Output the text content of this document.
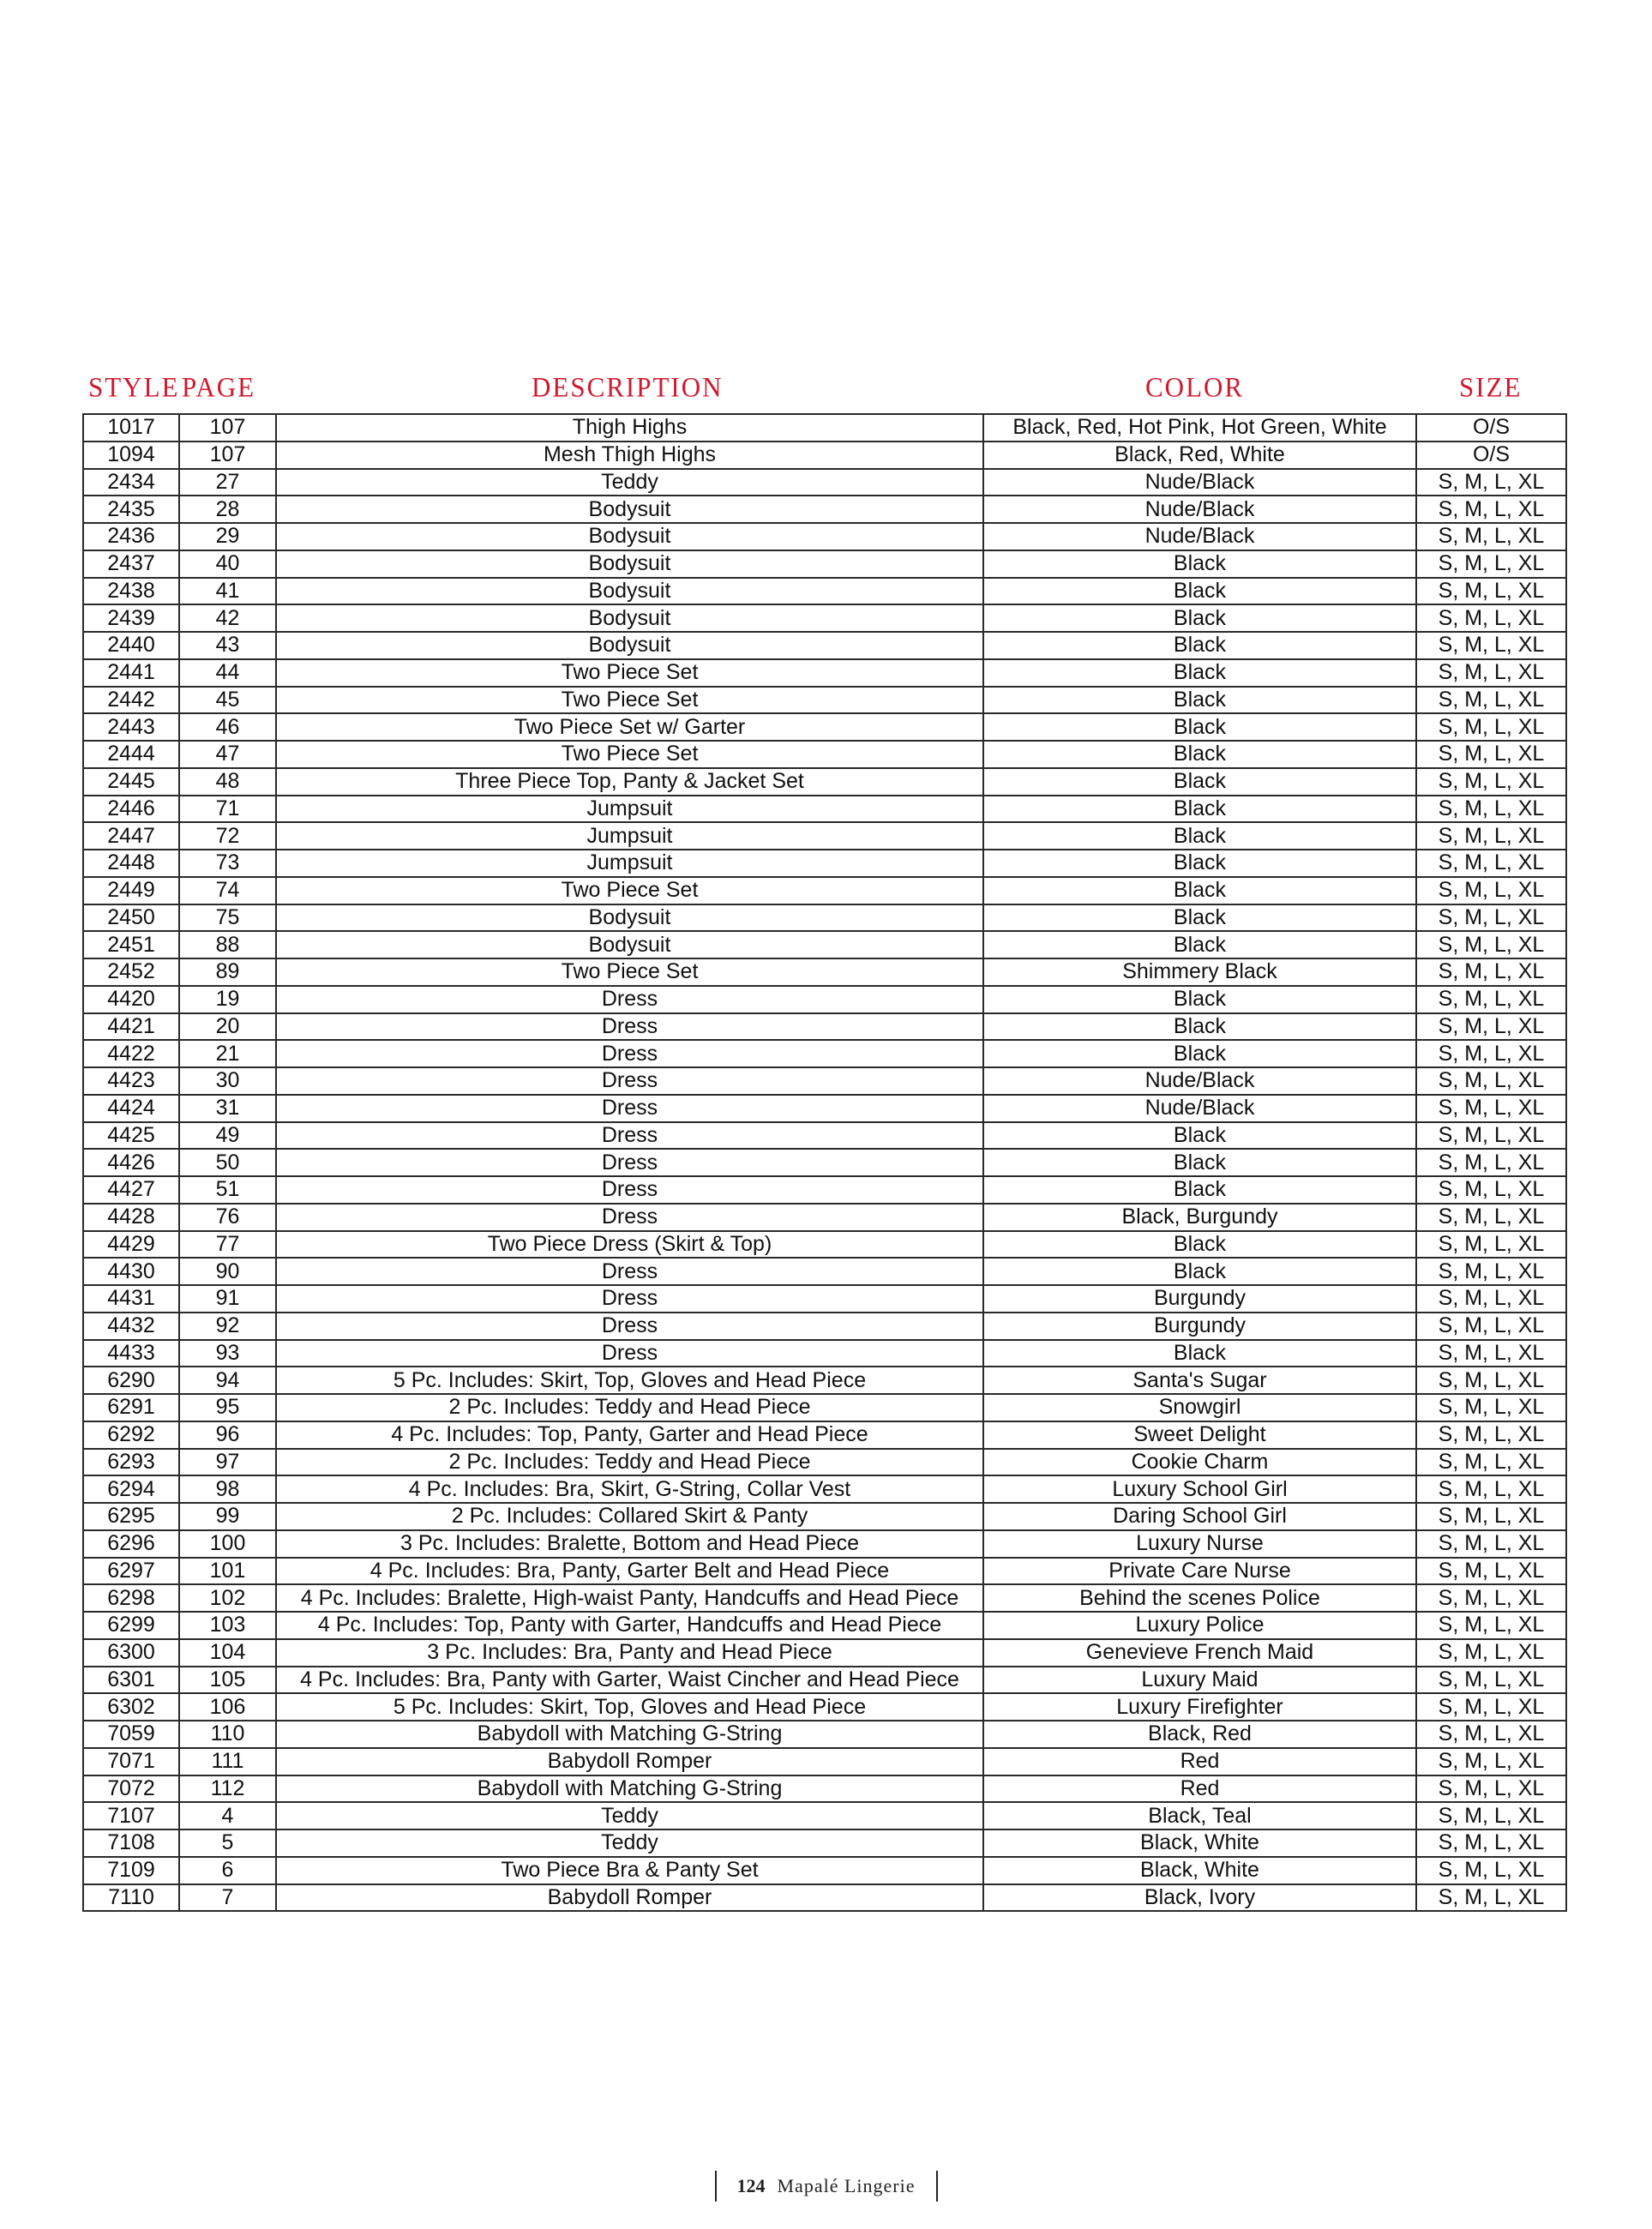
STYLE PAGE	DESCRIPTION	COLOR	SIZE
1017	107	Thigh Highs	Black, Red, Hot Pink, Hot Green, White	O/S
1094	107	Mesh Thigh Highs	Black, Red, White	O/S
2434	27	Teddy	Nude/Black	S, M, L, XL
2435	28	Bodysuit	Nude/Black	S, M, L, XL
2436	29	Bodysuit	Nude/Black	S, M, L, XL
2437	40	Bodysuit	Black	S, M, L, XL
2438	41	Bodysuit	Black	S, M, L, XL
2439	42	Bodysuit	Black	S, M, L, XL
2440	43	Bodysuit	Black	S, M, L, XL
2441	44	Two Piece Set	Black	S, M, L, XL
2442	45	Two Piece Set	Black	S, M, L, XL
2443	46	Two Piece Set w/ Garter	Black	S, M, L, XL
2444	47	Two Piece Set	Black	S, M, L, XL
2445	48	Three Piece Top, Panty & Jacket Set	Black	S, M, L, XL
2446	71	Jumpsuit	Black	S, M, L, XL
2447	72	Jumpsuit	Black	S, M, L, XL
2448	73	Jumpsuit	Black	S, M, L, XL
2449	74	Two Piece Set	Black	S, M, L, XL
2450	75	Bodysuit	Black	S, M, L, XL
2451	88	Bodysuit	Black	S, M, L, XL
2452	89	Two Piece Set	Shimmery Black	S, M, L, XL
4420	19	Dress	Black	S, M, L, XL
4421	20	Dress	Black	S, M, L, XL
4422	21	Dress	Black	S, M, L, XL
4423	30	Dress	Nude/Black	S, M, L, XL
4424	31	Dress	Nude/Black	S, M, L, XL
4425	49	Dress	Black	S, M, L, XL
4426	50	Dress	Black	S, M, L, XL
4427	51	Dress	Black	S, M, L, XL
4428	76	Dress	Black, Burgundy	S, M, L, XL
4429	77	Two Piece Dress (Skirt & Top)	Black	S, M, L, XL
4430	90	Dress	Black	S, M, L, XL
4431	91	Dress	Burgundy	S, M, L, XL
4432	92	Dress	Burgundy	S, M, L, XL
4433	93	Dress	Black	S, M, L, XL
6290	94	5 Pc. Includes: Skirt, Top, Gloves and Head Piece	Santa's Sugar	S, M, L, XL
6291	95	2 Pc. Includes: Teddy and Head Piece	Snowgirl	S, M, L, XL
6292	96	4 Pc. Includes: Top, Panty, Garter and Head Piece	Sweet Delight	S, M, L, XL
6293	97	2 Pc. Includes: Teddy and Head Piece	Cookie Charm	S, M, L, XL
6294	98	4 Pc. Includes: Bra, Skirt, G-String, Collar Vest	Luxury School Girl	S, M, L, XL
6295	99	2 Pc. Includes: Collared Skirt & Panty	Daring School Girl	S, M, L, XL
6296	100	3 Pc. Includes: Bralette, Bottom and Head Piece	Luxury Nurse	S, M, L, XL
6297	101	4 Pc. Includes: Bra, Panty, Garter Belt and Head Piece	Private Care Nurse	S, M, L, XL
6298	102	4 Pc. Includes: Bralette, High-waist Panty, Handcuffs and Head Piece	Behind the scenes Police	S, M, L, XL
6299	103	4 Pc. Includes: Top, Panty with Garter, Handcuffs and Head Piece	Luxury Police	S, M, L, XL
6300	104	3 Pc. Includes: Bra, Panty and Head Piece	Genevieve French Maid	S, M, L, XL
6301	105	4 Pc. Includes: Bra, Panty with Garter, Waist Cincher and Head Piece	Luxury Maid	S, M, L, XL
6302	106	5 Pc. Includes: Skirt, Top, Gloves and Head Piece	Luxury Firefighter	S, M, L, XL
7059	110	Babydoll with Matching G-String	Black, Red	S, M, L, XL
7071	111	Babydoll Romper	Red	S, M, L, XL
7072	112	Babydoll with Matching G-String	Red	S, M, L, XL
7107	4	Teddy	Black, Teal	S, M, L, XL
7108	5	Teddy	Black, White	S, M, L, XL
7109	6	Two Piece Bra & Panty Set	Black, White	S, M, L, XL
7110	7	Babydoll Romper	Black, Ivory	S, M, L, XL
124 Mapalé Lingerie
